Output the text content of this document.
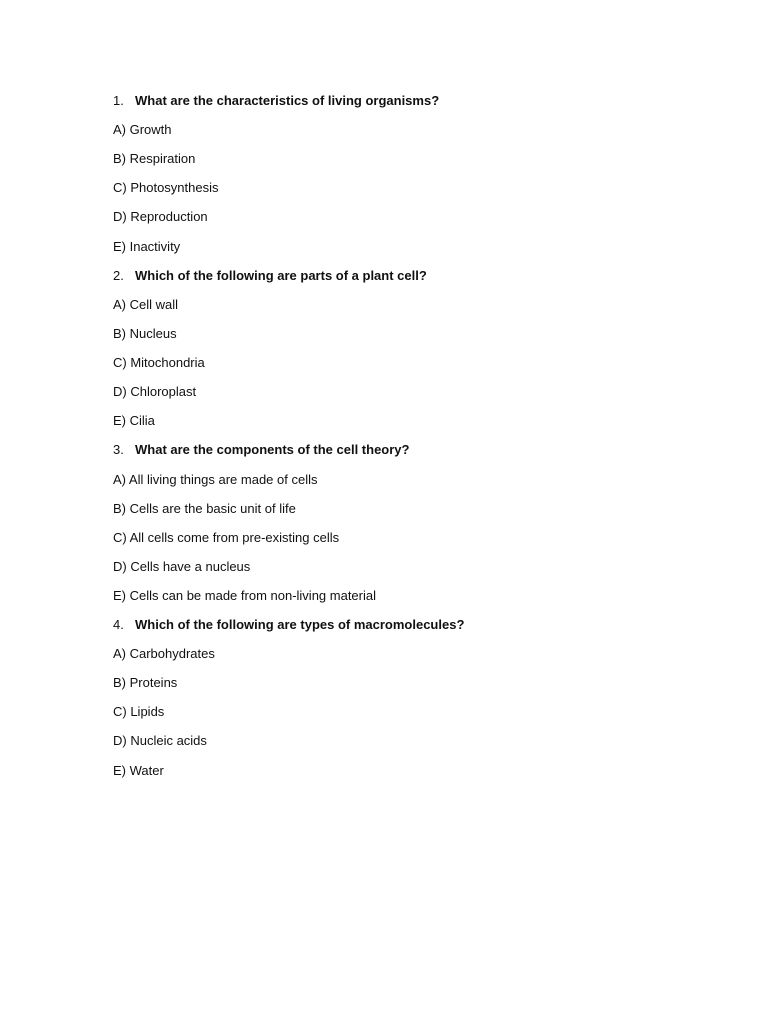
1. What are the characteristics of living organisms?
A) Growth
B) Respiration
C) Photosynthesis
D) Reproduction
E) Inactivity
2. Which of the following are parts of a plant cell?
A) Cell wall
B) Nucleus
C) Mitochondria
D) Chloroplast
E) Cilia
3. What are the components of the cell theory?
A) All living things are made of cells
B) Cells are the basic unit of life
C) All cells come from pre-existing cells
D) Cells have a nucleus
E) Cells can be made from non-living material
4. Which of the following are types of macromolecules?
A) Carbohydrates
B) Proteins
C) Lipids
D) Nucleic acids
E) Water
